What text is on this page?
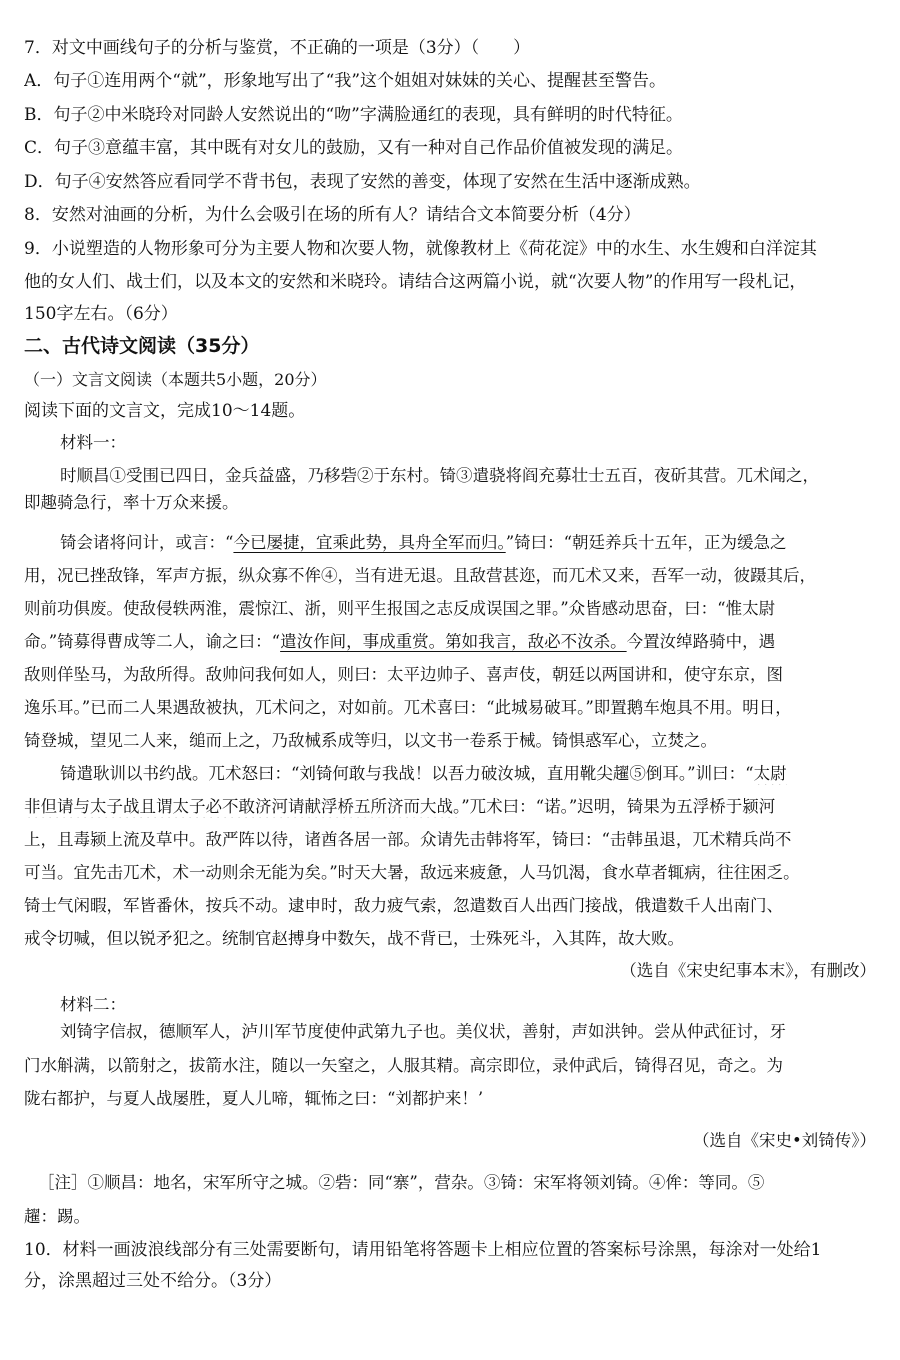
7．对文中画线句子的分析与鉴赏，不正确的一项是（3分）（　　）
A．句子①连用两个“就”，形象地写出了“我”这个姐姐对妹妹的关心、提醒甚至警告。
B．句子②中米晓玲对同龄人安然说出的“吻”字满脸通红的表现，具有鲜明的时代特征。
C．句子③意蕴丰富，其中既有对女儿的鼓励，又有一种对自己作品价值被发现的满足。
D．句子④安然答应看同学不背书包，表现了安然的善变，体现了安然在生活中逐渐成熟。
8．安然对油画的分析，为什么会吸引在场的所有人？请结合文本简要分析（4分）
9．小说塑造的人物形象可分为主要人物和次要人物，就像教材上《荷花淀》中的水生、水生嫂和白洋淀其
他的女人们、战士们，以及本文的安然和米晓玲。请结合这两篇小说，就“次要人物”的作用写一段札记，
150字左右。（6分）
二、古代诗文阅读（35分）
（一）文言文阅读（本题共5小题，20分）
阅读下面的文言文，完成10～14题。
材料一：
时顺昌①受围已四日，金兵益盛，乃移砦②于东村。锜③遣骁将阎充募壮士五百，夜斫其营。兀术闻之，
即趣骑急行，率十万众来援。
锜会诸将问计，或言：“今已屡捷，宜乘此势，具舟全军而归。”锜曰：“朝廷养兵十五年，正为缓急之
用，况已挫敌锋，军声方振，纵众寡不侔④，当有进无退。且敌营甚迩，而兀术又来，吾军一动，彼蹑其后，
则前功俱废。使敌侵轶两淮，震惊江、浙，则平生报国之志反成误国之罪。”众皆感动思奋，曰：“惟太尉
命。”锜募得曹成等二人，谕之曰：“遣汝作间，事成重赏。第如我言，敌必不汝杀。今置汝绰路骑中，遇
敌则佯坠马，为敌所得。敌帅问我何如人，则曰：太平边帅子、喜声伎，朝廷以两国讲和，使守东京，图
逸乐耳。”已而二人果遇敌被执，兀术问之，对如前。兀术喜曰：“此城易破耳。”即置鹅车炮具不用。明日，
锜登城，望见二人来，缒而上之，乃敌械系成等归，以文书一卷系于械。锜惧惑军心，立焚之。
锜遣耿训以书约战。兀术怒曰：“刘锜何敢与我战！以吾力破汝城，直用靴尖趯⑤倒耳。”训曰：“太尉
非但请与太子战且谓太子必不敢济河请献浮桥五所济而大战。”兀术曰：“诺。”迟明，锜果为五浮桥于颍河
上，且毒颍上流及草中。敌严阵以待，诸酋各居一部。众请先击韩将军，锜曰：“击韩虽退，兀术精兵尚不
可当。宜先击兀术，术一动则余无能为矣。”时天大暑，敌远来疲惫，人马饥渴，食水草者辄病，往往困乏。
锜士气闲暇，军皆番休，按兵不动。逮申时，敌力疲气索，忽遣数百人出西门接战，俄遣数千人出南门、
戒令切喊，但以锐矛犯之。统制官赵搏身中数矢，战不背已，士殊死斗，入其阵，故大败。
（选自《宋史纪事本末》，有删改）
材料二：
刘锜字信叔，德顺军人，泸川军节度使仲武第九子也。美仪状，善射，声如洪钟。尝从仲武征讨，牙
门水斛满，以箭射之，拔箭水注，随以一矢窒之，人服其精。高宗即位，录仲武后，锜得召见，奇之。为
陇右都护，与夏人战屡胜，夏人儿啼，辄怖之曰：“刘都护来！’
（选自《宋史•刘锜传》）
［注］①顺昌：地名，宋军所守之城。②砦：同“寨”，营杂。③锜：宋军将领刘锜。④侔：等同。⑤
趯：踢。
10．材料一画波浪线部分有三处需要断句，请用铅笔将答题卡上相应位置的答案标号涂黑，每涂对一处给1
分，涂黑超过三处不给分。（3分）
